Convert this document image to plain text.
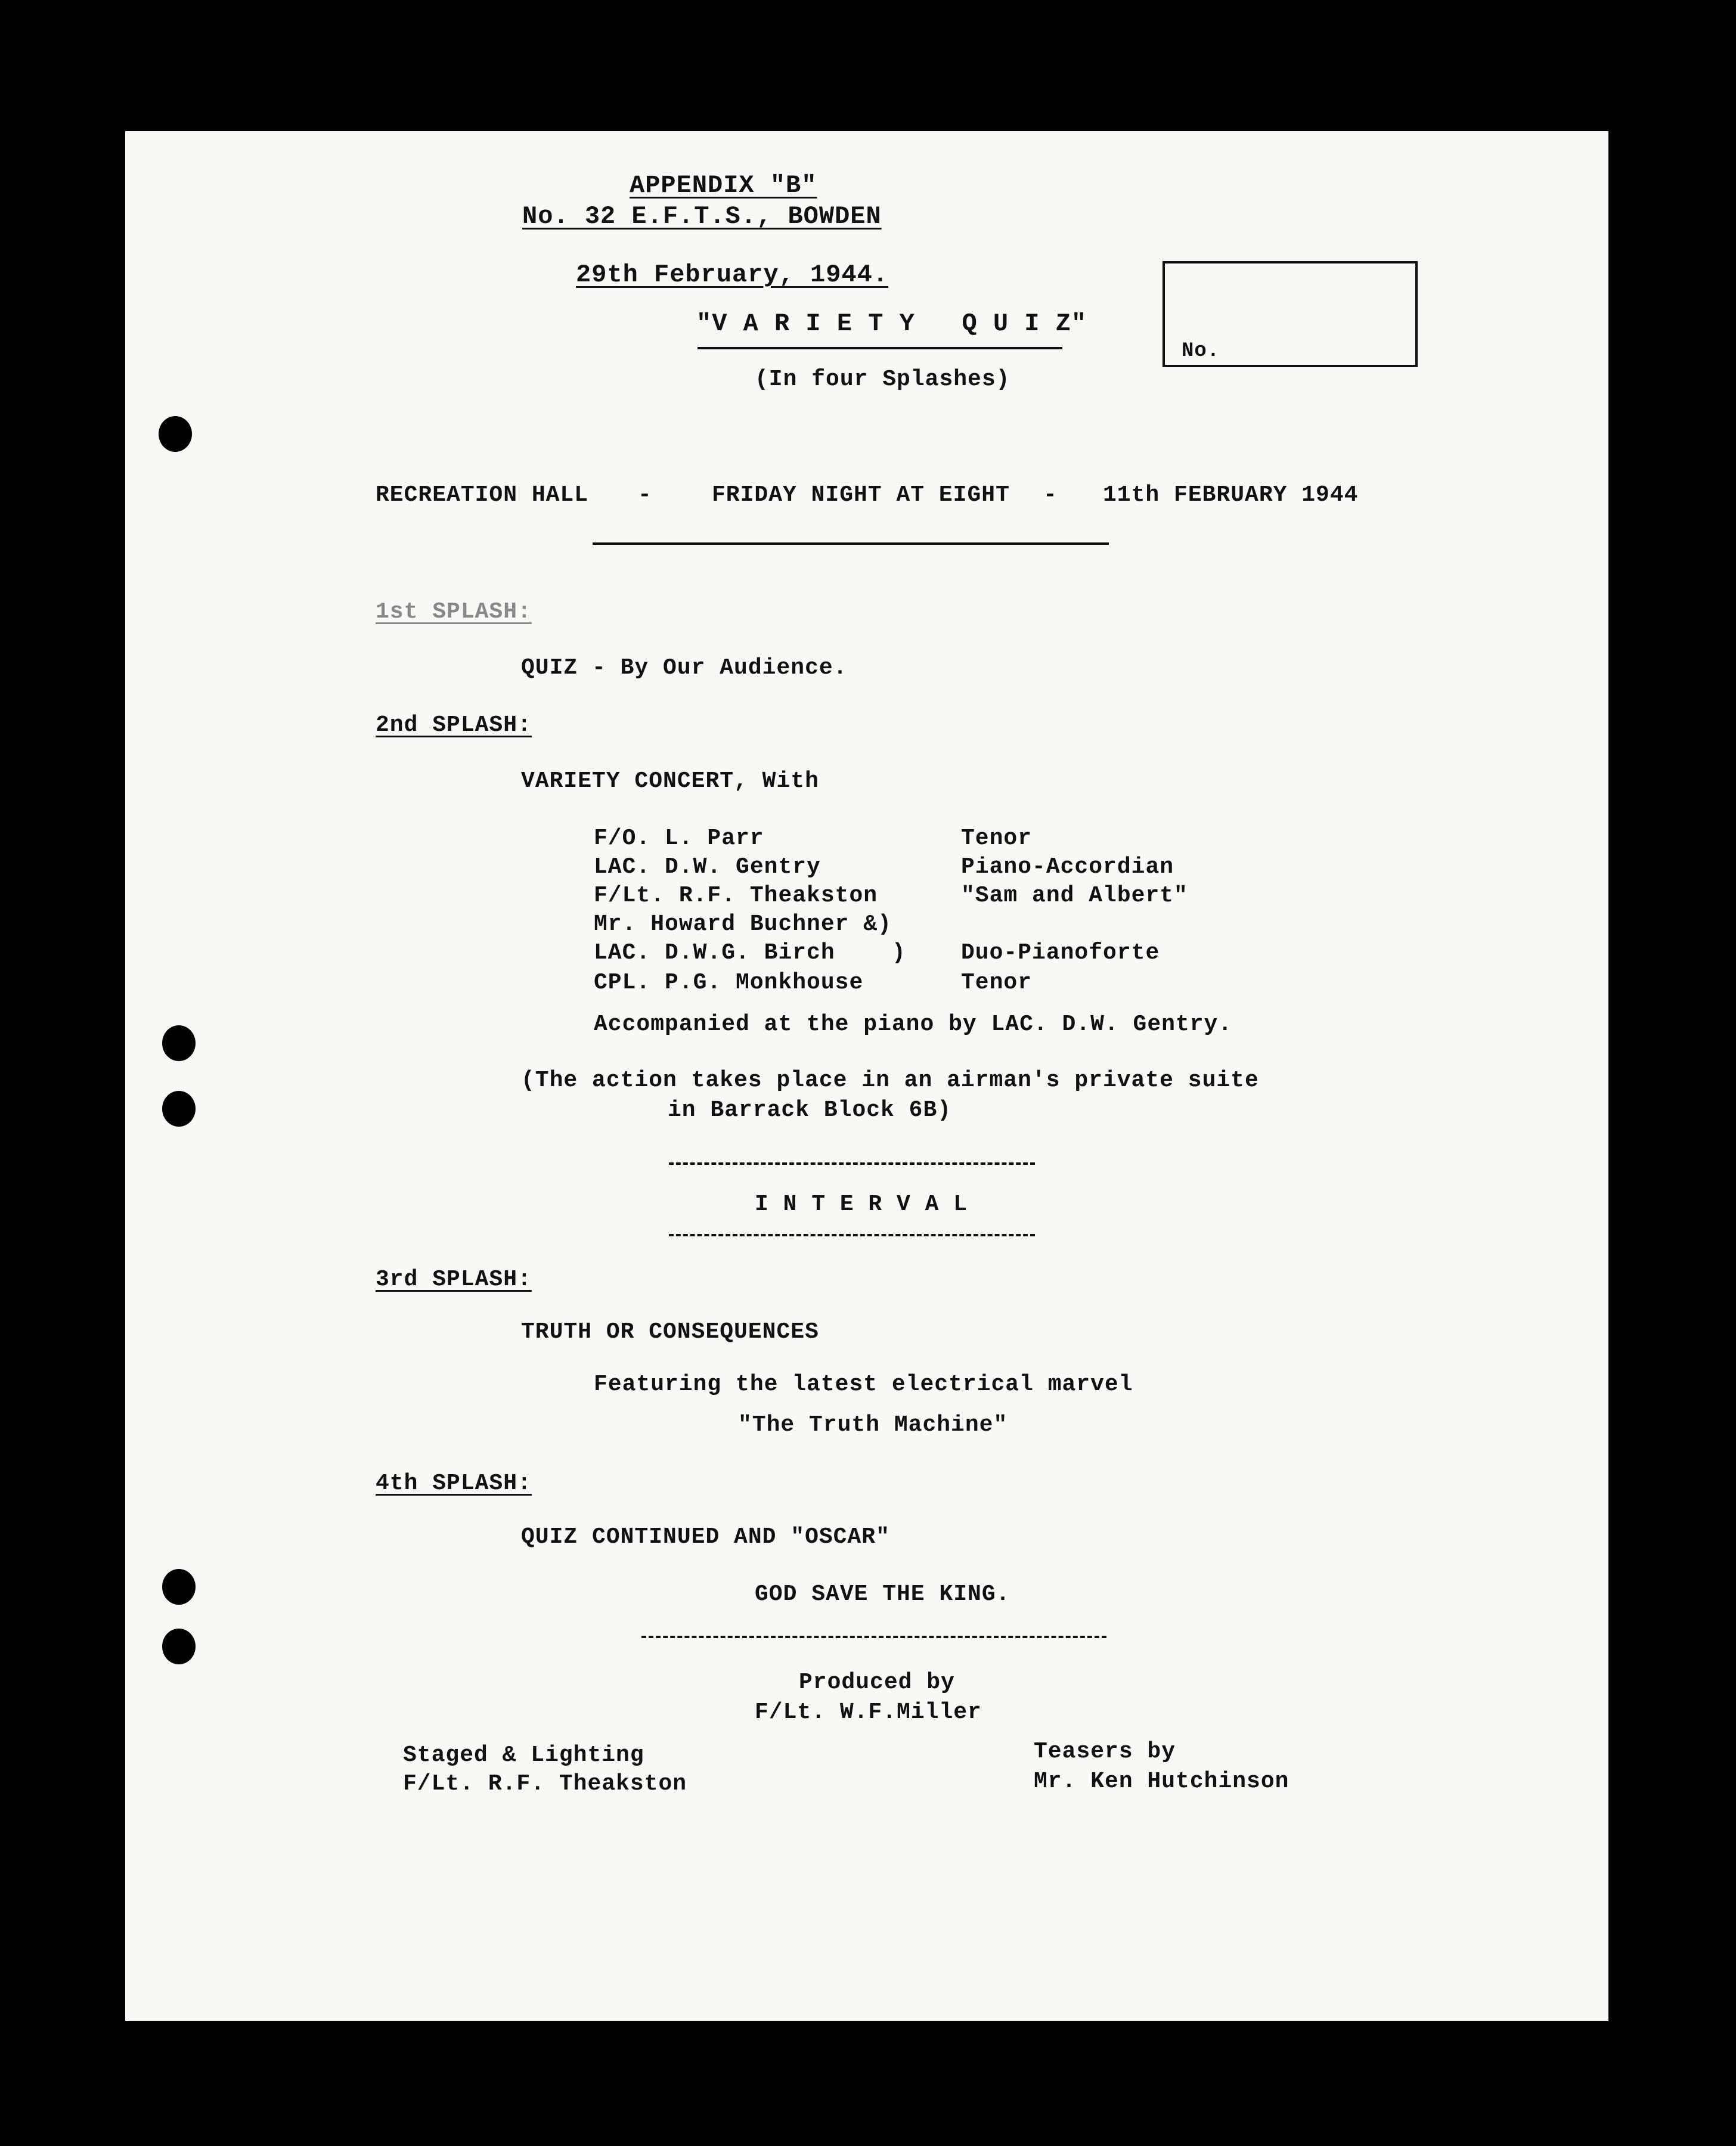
APPENDIX "B"
No. 32 E.F.T.S., BOWDEN
29th February, 1944.
"V A R I E T Y   Q U I Z"
(In four Splashes)
No.
RECREATION HALL -	FRIDAY NIGHT AT EIGHT - 11th FEBRUARY 1944
1st SPLASH:
QUIZ - By Our Audience.
2nd SPLASH:
VARIETY CONCERT, With
F/O. L. Parr	Tenor
LAC. D.W. Gentry	Piano-Accordian
F/Lt. R.F. Theakston	"Sam and Albert"
Mr. Howard Buchner &)
LAC. D.W.G. Birch    ) Duo-Pianoforte
CPL. P.G. Monkhouse	Tenor
Accompanied at the piano by LAC. D.W. Gentry.
(The action takes place in an airman's private suite
in Barrack Block 6B)
I N T E R V A L
3rd SPLASH:
TRUTH OR CONSEQUENCES
Featuring the latest electrical marvel
"The Truth Machine"
4th SPLASH:
QUIZ CONTINUED AND "OSCAR"
GOD SAVE THE KING.
Produced by
F/Lt. W.F.Miller
Staged & Lighting
F/Lt. R.F. Theakston
Teasers by
Mr. Ken Hutchinson
